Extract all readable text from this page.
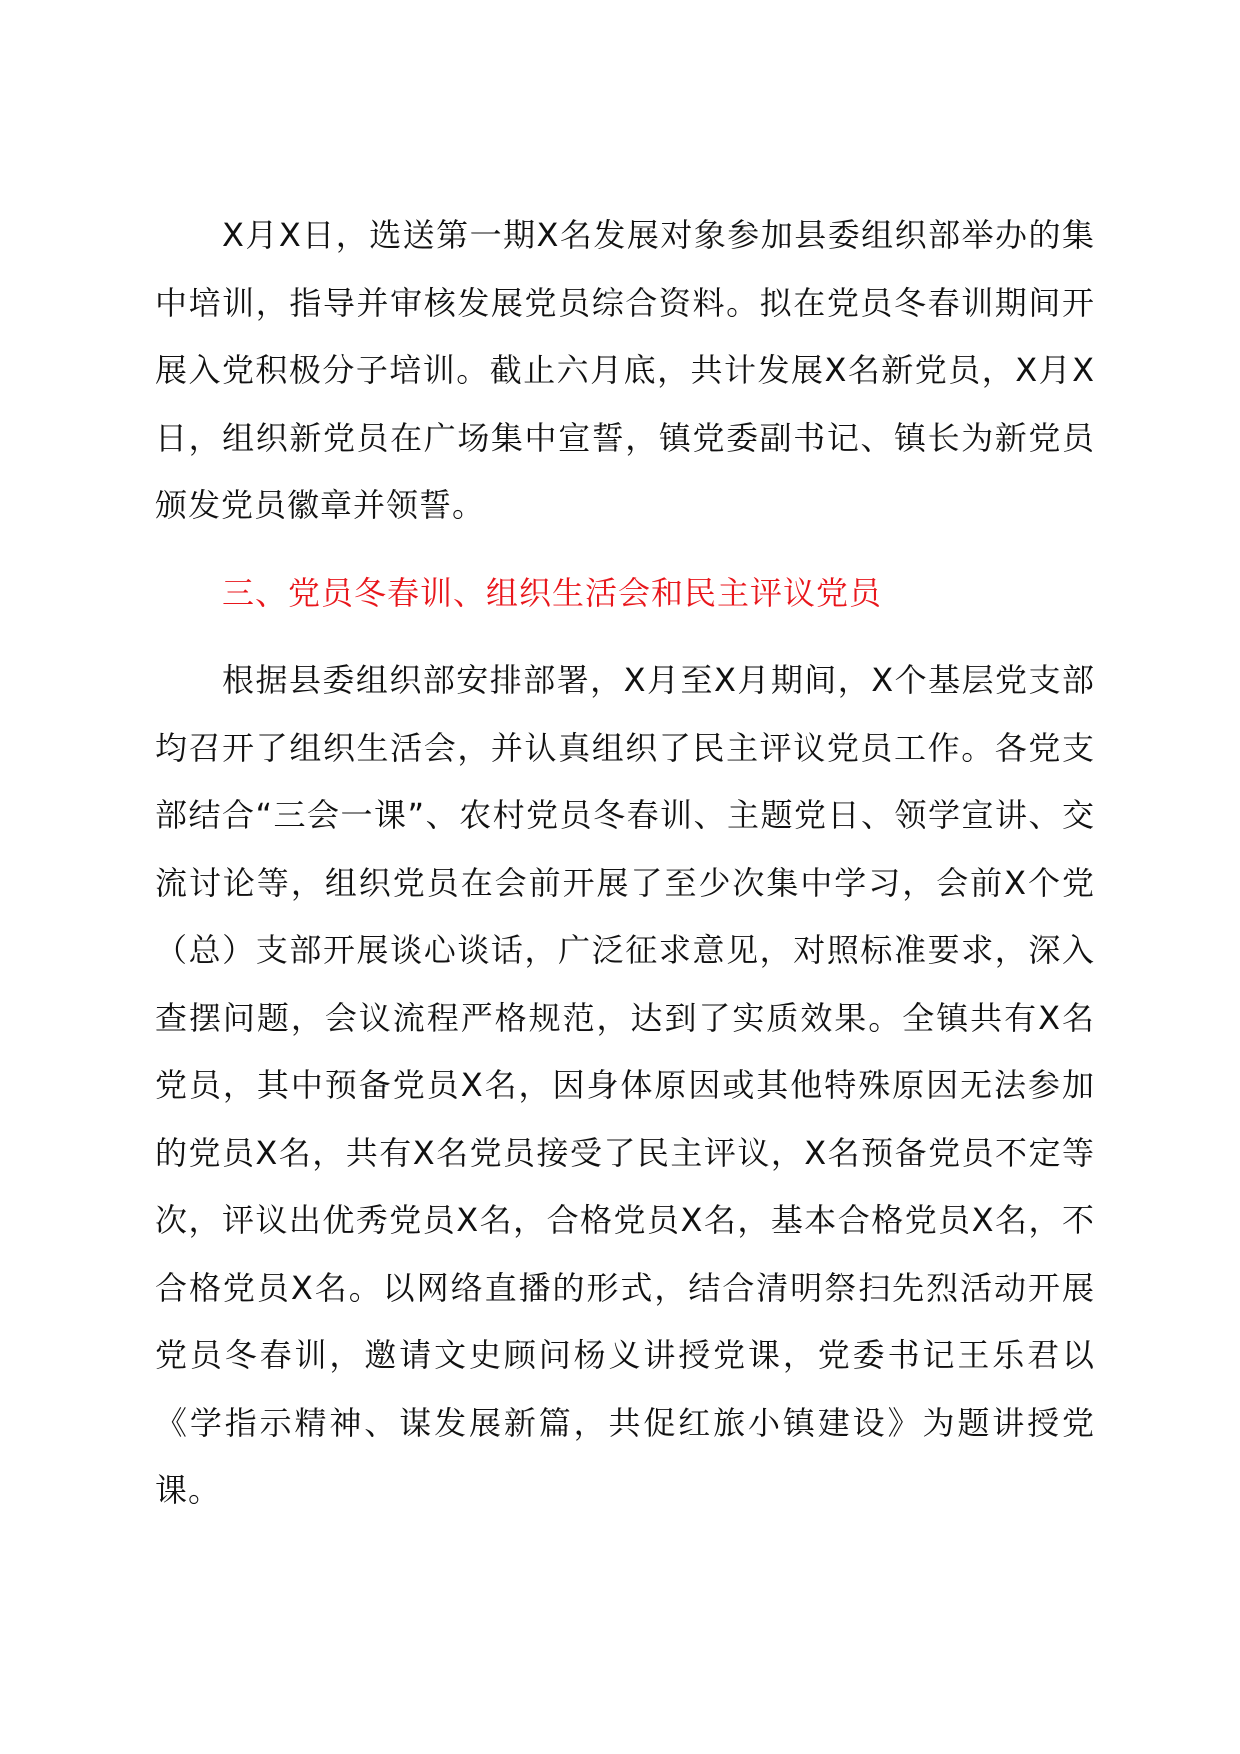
X月X日，选送第一期X名发展对象参加县委组织部举办的集中培训，指导并审核发展党员综合资料。拟在党员冬春训期间开展入党积极分子培训。截止六月底，共计发展X名新党员，X月X日，组织新党员在广场集中宣誓，镇党委副书记、镇长为新党员颁发党员徽章并领誓。

三、党员冬春训、组织生活会和民主评议党员

根据县委组织部安排部署，X月至X月期间，X个基层党支部均召开了组织生活会，并认真组织了民主评议党员工作。各党支部结合“三会一课”、农村党员冬春训、主题党日、领学宣讲、交流讨论等，组织党员在会前开展了至少次集中学习，会前X个党（总）支部开展谈心谈话，广泛征求意见，对照标准要求，深入查摆问题，会议流程严格规范，达到了实质效果。全镇共有X名党员，其中预备党员X名，因身体原因或其他特殊原因无法参加的党员X名，共有X名党员接受了民主评议，X名预备党员不定等次，评议出优秀党员X名，合格党员X名，基本合格党员X名，不合格党员X名。以网络直播的形式，结合清明祭扫先烈活动开展党员冬春训，邀请文史顾问杨义讲授党课，党委书记王乐君以《学指示精神、谋发展新篇，共促红旅小镇建设》为题讲授党课。
